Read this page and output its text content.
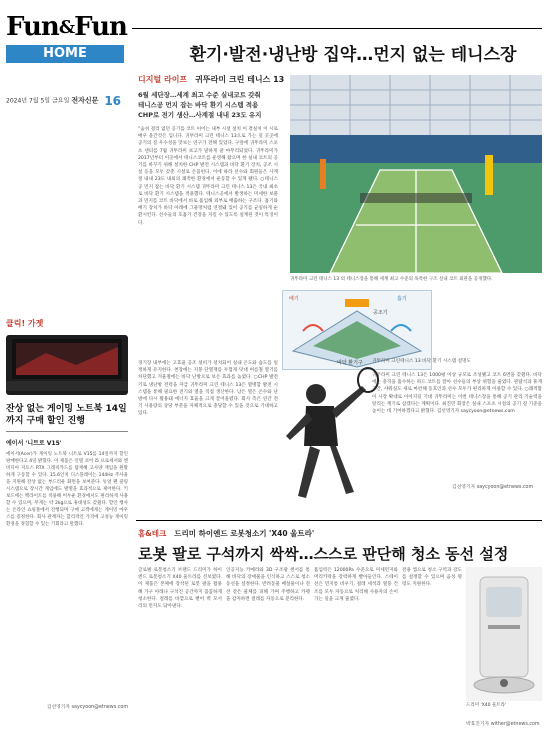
Fun&Fun
HOME
2024년 7월 5일 금요일 전자신문 16
환기·발전·냉난방 집약…먼지 없는 테니스장
디지털 라이프 귀뚜라미 크린 테니스 13
6월 세단장…세계 최고 수준 실내코트 갖춰
테니스공 먼지 잡는 바닥 환기 시스템 적용
CHP로 전기 생산…사계절 내내 23도 유지
“숨쉬 걸리 없던 공기를 코트 이어는 내부 시설 설치 이 결실처 이 시로 매우 올간것은 입니다. 귀뚜라미 크린 테니스 13으로 가는 길 곳곳에 공기의 질 우수성을 맛보는 연구가 전해 있었다. 구앞에 귀뚜라미 스포츠 센터를 7월 귀뚜라미 보고가 말하게 쿨 마무리되었다. 귀뚜라미가 2017년부터 이곳에서 테니스코트를 운영해 왔으며 한 실내 코트의 공기를 바꾸기 위해 설치한 CHP 발전 시스템과 바닥 환기 장치, 공조 시설 등을 모두 갖춘 시설로 손꼽힌다. 이에 따라 선수와 회원들은 사계절 내내 23도 내외의 쾌적한 환경에서 운동할 수 있게 됐다. ○테니스공 먼지 잡는 바닥 환기 시스템 귀뚜라미 크린 테니스 13은 국내 최초로 바닥 환기 시스템을 적용했다. 테니스공에서 발생하는 미세한 보풀과 먼지를 코트 바닥에서 바로 흡입해 외부로 배출하는 구조다. 흡기와 배기 장치가 바닥 아래에 그물망처럼 연결돼 있어 공기를 균일하게 순환시킨다. 선수들의 호흡기 건강을 지킬 수 있도록 설계된 것이 특징이다.
귀뚜라미 크린 테니스 13 의 테니스장을 통해 세계 최고 수준의 독특한 구조 실내 코트 외관을 공개했다.
배기	흡기
바닥 환기구
공조기
귀뚜라미 크린테니스 13 바닥 환기 시스템 설명도
경기장 내부에는 고효율 공조 설비가 설치되어 실내 온도와 습도를 일정하게 유지한다. 천장에는 지붕 단열재를 두껍게 덧대 여름철 열기를 차단했고 겨울철에는 바닥 난방으로 보온 효과를 높였다. ○CHP 발전기로 냉난방 전력을 자급 귀뚜라미 크린 테니스 13은 열병합 발전 시스템을 통해 필요한 전기와 열을 직접 생산한다. 남은 열은 온수와 난방에 다시 활용돼 에너지 효율을 크게 끌어올렸다. 회사 측은 연간 전기 사용량의 상당 부분을 자체적으로 충당할 수 있을 것으로 기대하고 있다.
귀뚜라미 크린 테니스 13은 1000평 이상 규모로 조성됐고 코트 6면을 갖췄다. 바닥에는 충격을 흡수하는 하드 코트를 깔아 선수들의 부상 위험을 줄였다. 관람석과 휴게 공간, 샤워실도 새로 마련해 동호인과 선수 모두가 편리하게 이용할 수 있다. ○쾌적함이 시장 확대로 이어지길 기대 귀뚜라미는 이번 테니스장을 통해 공기 관리 기술력을 알리는 계기로 삼겠다는 계획이다. 최진민 회장은 실내 스포츠 시설의 공기 질 기준을 높이는 데 기여하겠다고 밝혔다. 김선영기자 saycyoon@etnews.com
김선영기자 saycyoon@etnews.com
클릭! 가젯
잔상 없는 게이밍 노트북 14일까지 구매 할인 진행
에이서 '니트로 V15'
에이서(Acer)가 게이밍 노트북 니트로 V15를 14일까지 할인 판매한다고 4일 밝혔다. 이 제품은 인텔 코어 i5 프로세서와 엔비디아 지포스 RTX 그래픽카드를 탑재해 고사양 게임을 원활하게 구동할 수 있다. 15.6인치 디스플레이는 144Hz 주사율을 지원해 잔상 없는 부드러운 화면을 보여준다. 듀얼 팬 쿨링 시스템으로 장시간 게임에도 발열을 효과적으로 제어한다. 키보드에는 백라이트를 적용해 어두운 환경에서도 편리하게 사용할 수 있으며, 무게는 약 2kg으로 휴대성도 갖췄다. 할인 행사는 온라인 쇼핑몰에서 진행되며 구매 고객에게는 게이밍 마우스를 증정한다. 회사 관계자는 합리적인 가격에 고성능 게이밍 환경을 경험할 수 있는 기회라고 말했다.
김선영기자 saycyoon@etnews.com
홈&테크 드리미 하이엔드 로봇청소기 'X40 울트라'
로봇 팔로 구석까지 싹싹…스스로 판단해 청소 동선 설정
글로벌 로봇청소기 브랜드 드리미가 하이엔드 로봇청소기 X40 울트라를 선보였다. 이 제품은 본체에 장착된 로봇 팔을 활용해 가구 아래나 구석진 공간까지 꼼꼼하게 청소한다. 걸레를 바깥으로 뻗어 벽 모서리의 먼지도 닦아낸다.
인공지능 카메라와 3D 구조광 센서를 통해 바닥의 장애물을 인식하고 스스로 청소 동선을 설정한다. 반려동물 배설물이나 전선 같은 물체를 피해 가며 주행하고 카펫을 감지하면 걸레를 자동으로 분리한다.
흡입력은 12000Pa 수준으로 미세먼지와 머리카락을 강력하게 빨아들인다. 스테이션은 먼지통 비우기, 걸레 세척과 열풍 건조를 모두 자동으로 처리해 사용자의 손이 가는 일을 크게 줄였다.
전용 앱으로 청소 구역과 강도를 설정할 수 있으며 음성 명령도 지원한다.
드리미 'X40 울트라'
박효진기자 wither@etnews.com
